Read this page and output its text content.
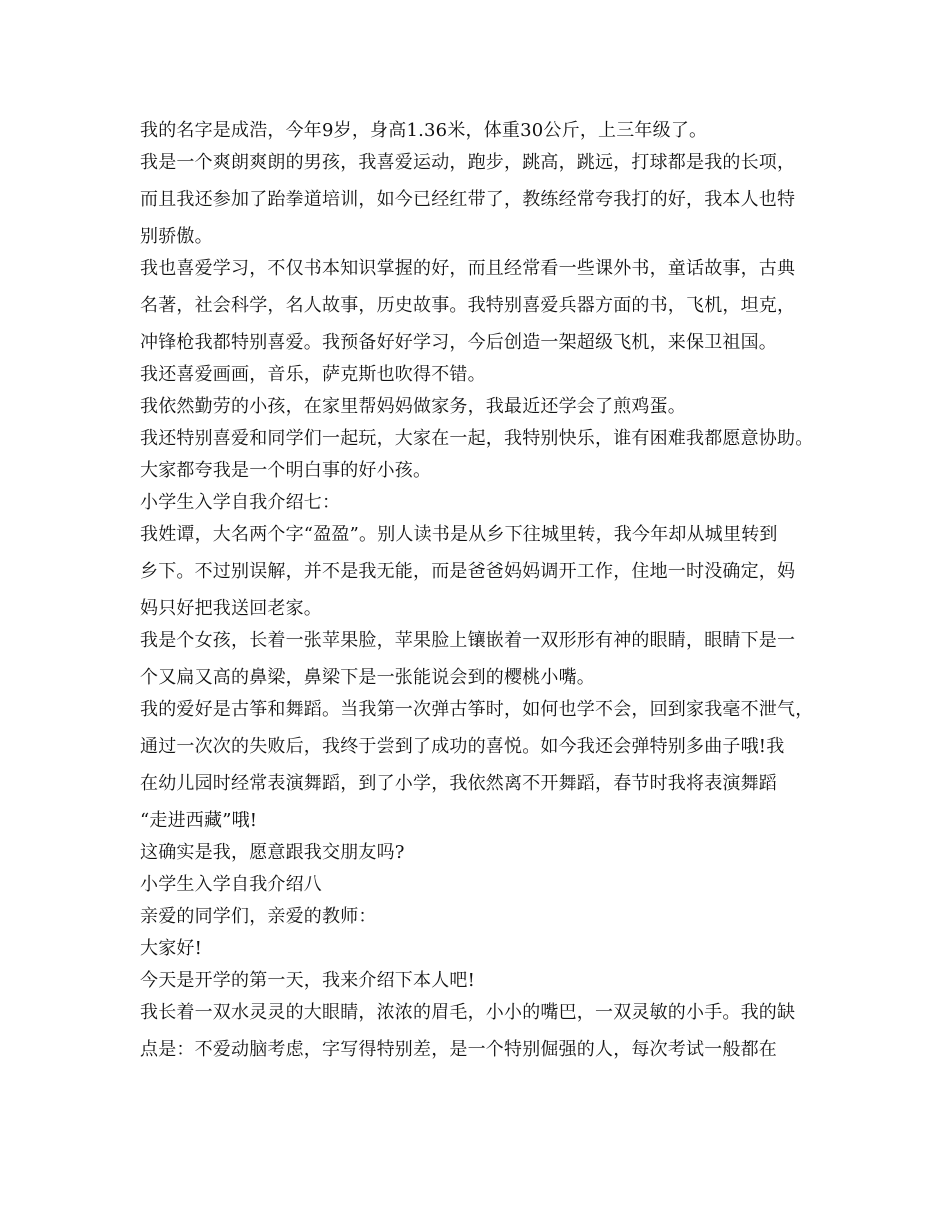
我的名字是成浩，今年9岁，身高1.36米，体重30公斤，上三年级了。
我是一个爽朗爽朗的男孩，我喜爱运动，跑步，跳高，跳远，打球都是我的长项，
而且我还参加了跆拳道培训，如今已经红带了，教练经常夸我打的好，我本人也特
别骄傲。
我也喜爱学习，不仅书本知识掌握的好，而且经常看一些课外书，童话故事，古典
名著，社会科学，名人故事，历史故事。我特别喜爱兵器方面的书，飞机，坦克，
冲锋枪我都特别喜爱。我预备好好学习，今后创造一架超级飞机，来保卫祖国。
我还喜爱画画，音乐，萨克斯也吹得不错。
我依然勤劳的小孩，在家里帮妈妈做家务，我最近还学会了煎鸡蛋。
我还特别喜爱和同学们一起玩，大家在一起，我特别快乐，谁有困难我都愿意协助。
大家都夸我是一个明白事的好小孩。
小学生入学自我介绍七：
我姓谭，大名两个字“盈盈”。别人读书是从乡下往城里转，我今年却从城里转到
乡下。不过别误解，并不是我无能，而是爸爸妈妈调开工作，住地一时没确定，妈
妈只好把我送回老家。
我是个女孩，长着一张苹果脸，苹果脸上镶嵌着一双形形有神的眼睛，眼睛下是一
个又扁又高的鼻梁，鼻梁下是一张能说会到的樱桃小嘴。
我的爱好是古筝和舞蹈。当我第一次弹古筝时，如何也学不会，回到家我毫不泄气，
通过一次次的失败后，我终于尝到了成功的喜悦。如今我还会弹特别多曲子哦!我
在幼儿园时经常表演舞蹈，到了小学，我依然离不开舞蹈，春节时我将表演舞蹈
“走进西藏”哦!
这确实是我，愿意跟我交朋友吗?
小学生入学自我介绍八
亲爱的同学们，亲爱的教师：
大家好!
今天是开学的第一天，我来介绍下本人吧!
我长着一双水灵灵的大眼睛，浓浓的眉毛，小小的嘴巴，一双灵敏的小手。我的缺
点是：不爱动脑考虑，字写得特别差，是一个特别倔强的人，每次考试一般都在
